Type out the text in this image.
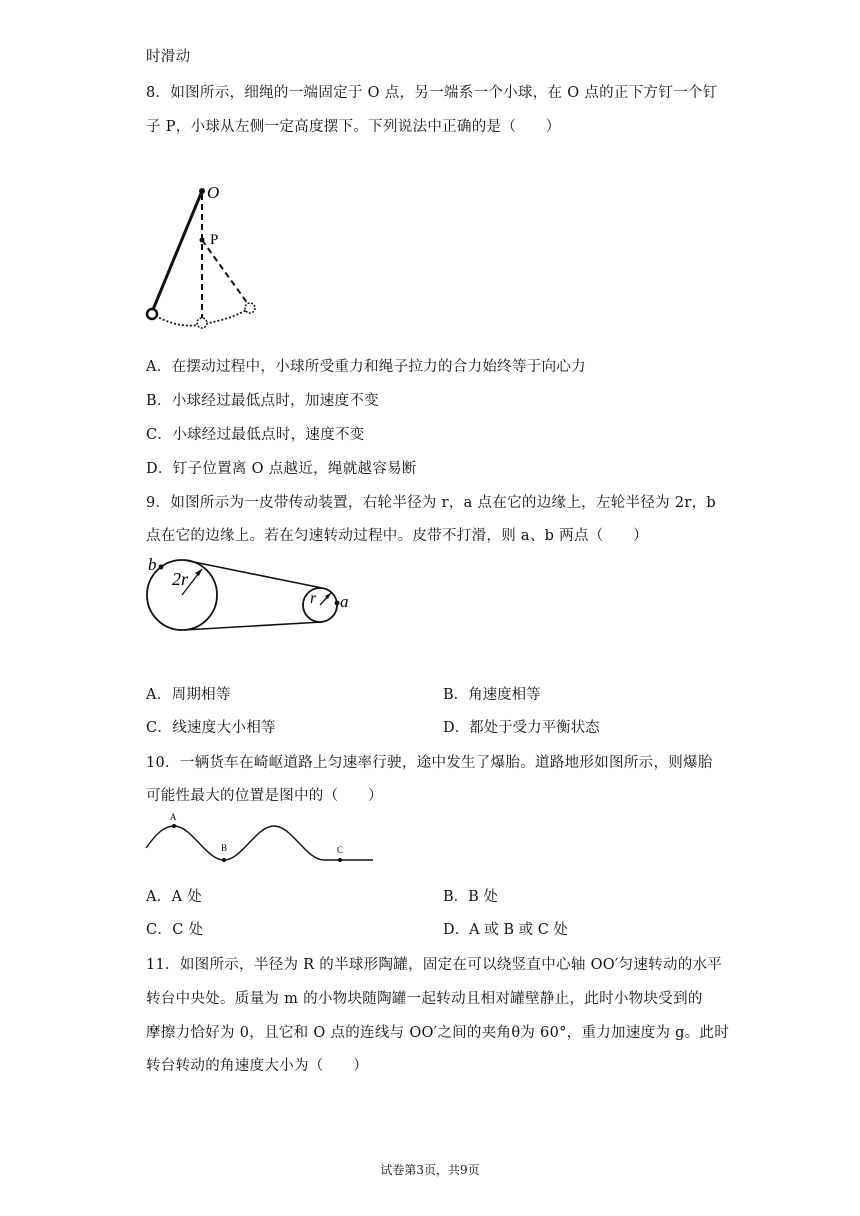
时滑动
8．如图所示，细绳的一端固定于 O 点，另一端系一个小球，在 O 点的正下方钉一个钉
子 P，小球从左侧一定高度摆下。下列说法中正确的是（　　）
O
P
A．在摆动过程中，小球所受重力和绳子拉力的合力始终等于向心力
B．小球经过最低点时，加速度不变
C．小球经过最低点时，速度不变
D．钉子位置离 O 点越近，绳就越容易断
9．如图所示为一皮带传动装置，右轮半径为 r，a 点在它的边缘上，左轮半径为 2r，b
点在它的边缘上。若在匀速转动过程中。皮带不打滑，则 a、b 两点（　　）
b
2r
r a
A．周期相等	B．角速度相等
C．线速度大小相等	D．都处于受力平衡状态
10．一辆货车在崎岖道路上匀速率行驶，途中发生了爆胎。道路地形如图所示，则爆胎
可能性最大的位置是图中的（　　）
A
B	C
A．A 处	B．B 处
C．C 处	D．A 或 B 或 C 处
11．如图所示，半径为 R 的半球形陶罐，固定在可以绕竖直中心轴 OO′匀速转动的水平
转台中央处。质量为 m 的小物块随陶罐一起转动且相对罐壁静止，此时小物块受到的
摩擦力恰好为 0，且它和 O 点的连线与 OO′之间的夹角θ为 60°，重力加速度为 g。此时
转台转动的角速度大小为（　　）
试卷第3页，共9页
